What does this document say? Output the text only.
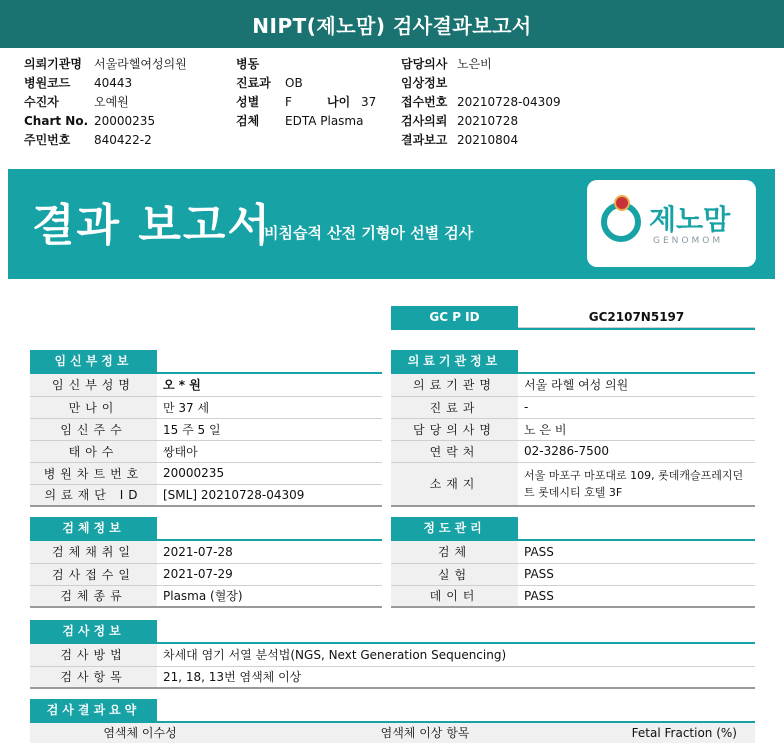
NIPT(제노맘) 검사결과보고서
의뢰기관명	서울라헬여성의원
병원코드	40443
수진자	오예원
Chart No. 20000235
주민번호	840422-2
병동
진료과	OB
성별	F	나이 37
검체	EDTA Plasma
담당의사 노은비
임상정보
접수번호 20210728-04309
검사의뢰 20210728
결과보고 20210804
결과 보고서
비침습적 산전 기형아 선별 검사	제노맘
GENOMOM
GC P ID	GC2107N5197
임신부정보
임신부성명	오 * 원
만나이	만 37 세
임신주수	15 주 5 일
태아수	쌍태아
병원차트번호	20000235
의료재단 ID	[SML] 20210728-04309
의료기관정보
의료기관명	서울 라헬 여성 의원
진료과	-
담당의사명	노 은 비
연락처	02-3286-7500
소재지	서울 마포구 마포대로 109, 롯데캐슬프레지던트 롯데시티 호텔 3F
검체정보
검체채취일	2021-07-28
검사접수일	2021-07-29
검체종류	Plasma (혈장)
정도관리
검체	PASS
실험	PASS
데이터	PASS
검사정보
검사방법	차세대 염기 서열 분석법(NGS, Next Generation Sequencing)
검사항목	21, 18, 13번 염색체 이상
검사결과요약
염색체 이수성	염색체 이상 항목	Fetal Fraction (%)
